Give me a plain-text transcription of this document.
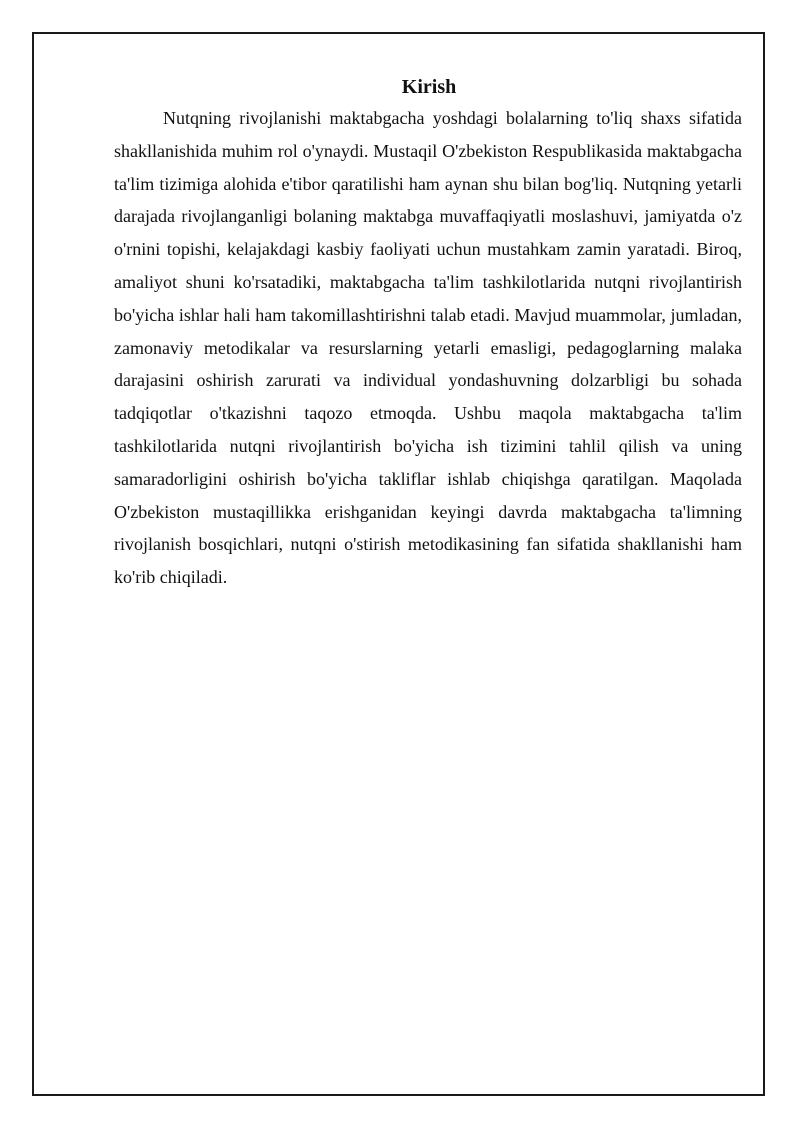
Kirish

Nutqning rivojlanishi maktabgacha yoshdagi bolalarning to'liq shaxs sifatida shakllanishida muhim rol o'ynaydi. Mustaqil O'zbekiston Respublikasida maktabgacha ta'lim tizimiga alohida e'tibor qaratilishi ham aynan shu bilan bog'liq. Nutqning yetarli darajada rivojlanganligi bolaning maktabga muvaffaqiyatli moslashuvi, jamiyatda o'z o'rnini topishi, kelajakdagi kasbiy faoliyati uchun mustahkam zamin yaratadi. Biroq, amaliyot shuni ko'rsatadiki, maktabgacha ta'lim tashkilotlarida nutqni rivojlantirish bo'yicha ishlar hali ham takomillashtirishni talab etadi. Mavjud muammolar, jumladan, zamonaviy metodikalar va resurslarning yetarli emasligi, pedagoglarning malaka darajasini oshirish zarurati va individual yondashuvning dolzarbligi bu sohada tadqiqotlar o'tkazishni taqozo etmoqda. Ushbu maqola maktabgacha ta'lim tashkilotlarida nutqni rivojlantirish bo'yicha ish tizimini tahlil qilish va uning samaradorligini oshirish bo'yicha takliflar ishlab chiqishga qaratilgan. Maqolada O'zbekiston mustaqillikka erishganidan keyingi davrda maktabgacha ta'limning rivojlanish bosqichlari, nutqni o'stirish metodikasining fan sifatida shakllanishi ham ko'rib chiqiladi.
